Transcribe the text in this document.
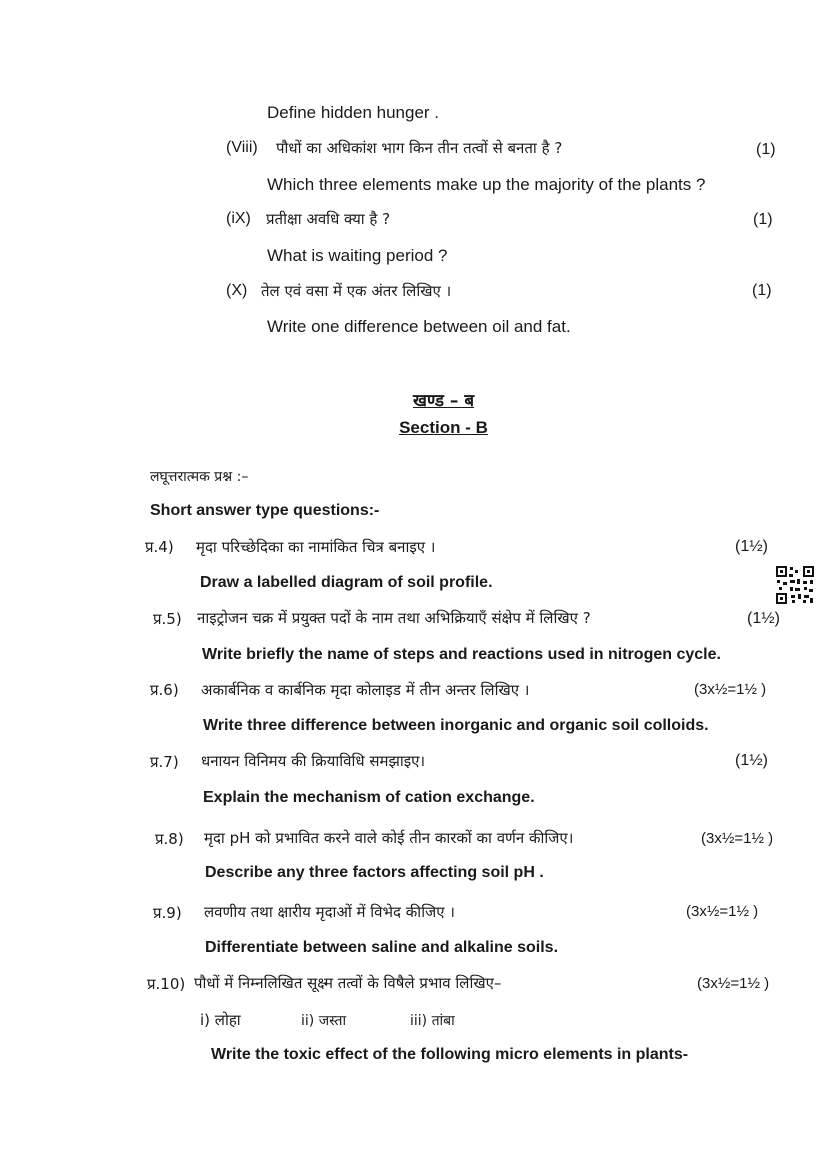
Define hidden hunger .
(Viii) पौधों का अधिकांश भाग किन तीन तत्वों से बनता है ?	(1)
Which three elements make up the majority of the plants ?
(iX) प्रतीक्षा अवधि क्या है ?	(1)
What is waiting period ?
(X) तेल एवं वसा में एक अंतर लिखिए ।	(1)
Write one difference between oil and fat.
खण्ड – ब
Section - B
लघूत्तरात्मक प्रश्न :–
Short answer type questions:-
प्र.4) मृदा परिच्छेदिका का नामांकित चित्र बनाइए ।	(1½)
Draw a labelled diagram of soil profile.
प्र.5) नाइट्रोजन चक्र में प्रयुक्त पदों के नाम तथा अभिक्रियाएँ संक्षेप में लिखिए ?	(1½)
Write briefly the name of steps and reactions used in nitrogen cycle.
प्र.6) अकार्बनिक व कार्बनिक मृदा कोलाइड में तीन अन्तर लिखिए ।	(3x½=1½ )
Write three difference between inorganic and organic soil colloids.
प्र.7) धनायन विनिमय की क्रियाविधि समझाइए।	(1½)
Explain the mechanism of cation exchange.
प्र.8) मृदा pH को प्रभावित करने वाले कोई तीन कारकों का वर्णन कीजिए।	(3x½=1½ )
Describe any three factors affecting soil pH .
प्र.9) लवणीय तथा क्षारीय मृदाओं में विभेद कीजिए ।	(3x½=1½ )
Differentiate between saline and alkaline soils.
प्र.10) पौधों में निम्नलिखित सूक्ष्म तत्वों के विषैले प्रभाव लिखिए–	(3x½=1½ )
i) लोहा	ii) जस्ता	iii) तांबा
Write the toxic effect of the following micro elements in plants-
